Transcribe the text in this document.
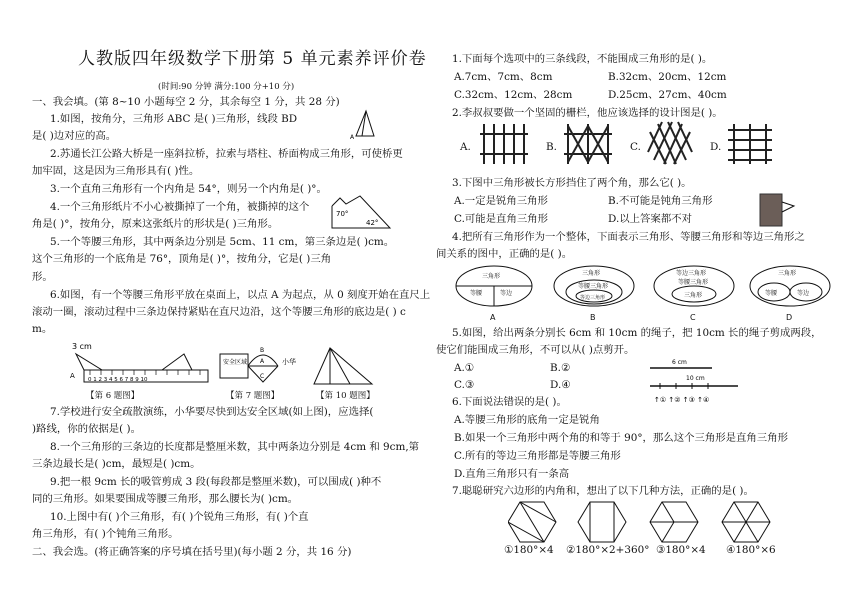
人教版四年级数学下册第 5 单元素养评价卷
(时间:90 分钟 满分:100 分+10 分)
一、我会填。(第 8~10 小题每空 2 分，其余每空 1 分，共 28 分)
1.如图，按角分，三角形 ABC 是( )三角形，线段 BD
是( )边对应的高。	A
2.苏通长江公路大桥是一座斜拉桥，拉索与塔柱、桥面构成三角形，可使桥更
加牢固，这是因为三角形具有( )性。
3.一个直角三角形有一个内角是 54°，则另一个内角是( )°。
4.一个三角形纸片不小心被撕掉了一个角，被撕掉的这个
角是( )°，按角分，原来这张纸片的形状是( )三角形。
70°
42°
5.一个等腰三角形，其中两条边分别是 5cm、11 cm，第三条边是( )cm。
这个三角形的一个底角是 76°，顶角是( )°，按角分，它是( )三角
形。
6.如图，有一个等腰三角形平放在桌面上，以点 A 为起点，从 0 刻度开始在直尺上
滚动一圈，滚动过程中三条边保持紧贴在直尺边沿，这个等腰三角形的底边是( ) c
m。
3 cm
A 0 1 2 3 4 5 6 7 8 9 10
【第 6 题图】
安全区域
B
A
C
小华
【第 7 题图】	【第 10 题图】
7.学校进行安全疏散演练，小华要尽快到达安全区域(如上图)，应选择(
)路线，你的依据是( )。
8.一个三角形的三条边的长度都是整厘米数，其中两条边分别是 4cm 和 9cm,第
三条边最长是( )cm，最短是( )cm。
9.把一根 9cm 长的吸管剪成 3 段(每段都是整厘米数)，可以围成( )种不
同的三角形。如果要围成等腰三角形，那么腰长为( )cm。
10.上图中有( )个三角形，有( )个锐角三角形，有( )个直
角三角形，有( )个钝角三角形。
二、我会选。(将正确答案的序号填在括号里)(每小题 2 分，共 16 分)
1.下面每个选项中的三条线段，不能围成三角形的是( )。
A.7cm、7cm、8cm	B.32cm、20cm、12cm
C.32cm、12cm、28cm	D.25cm、27cm、40cm
2.李叔叔要做一个坚固的栅栏，他应该选择的设计图是( )。
A.	B.	C.	D.
3.下图中三角形被长方形挡住了两个角，那么它( )。
A.一定是锐角三角形	B.不可能是钝角三角形
C.可能是直角三角形	D.以上答案都不对
4.把所有三角形作为一个整体，下面表示三角形、等腰三角形和等边三角形之
间关系的图中，正确的是( )。
三角形
等腰	等边
A
三角形
等腰三角形
等边三角形
B
等边三角形
等腰三角形
三角形
C
三角形
等腰	等边
D
5.如图，给出两条分别长 6cm 和 10cm 的绳子，把 10cm 长的绳子剪成两段，
使它们能围成三角形，不可以从( )点剪开。
A.①	B.②
C.③	D.④
6 cm
10 cm
↑① ↑② ↑③ ↑④
6.下面说法错误的是( )。
A.等腰三角形的底角一定是锐角
B.如果一个三角形中两个角的和等于 90°，那么这个三角形是直角三角形
C.所有的等边三角形都是等腰三角形
D.直角三角形只有一条高
7.聪聪研究六边形的内角和，想出了以下几种方法，正确的是( )。
①180°×4 ②180°×2+360° ③180°×4 ④180°×6
